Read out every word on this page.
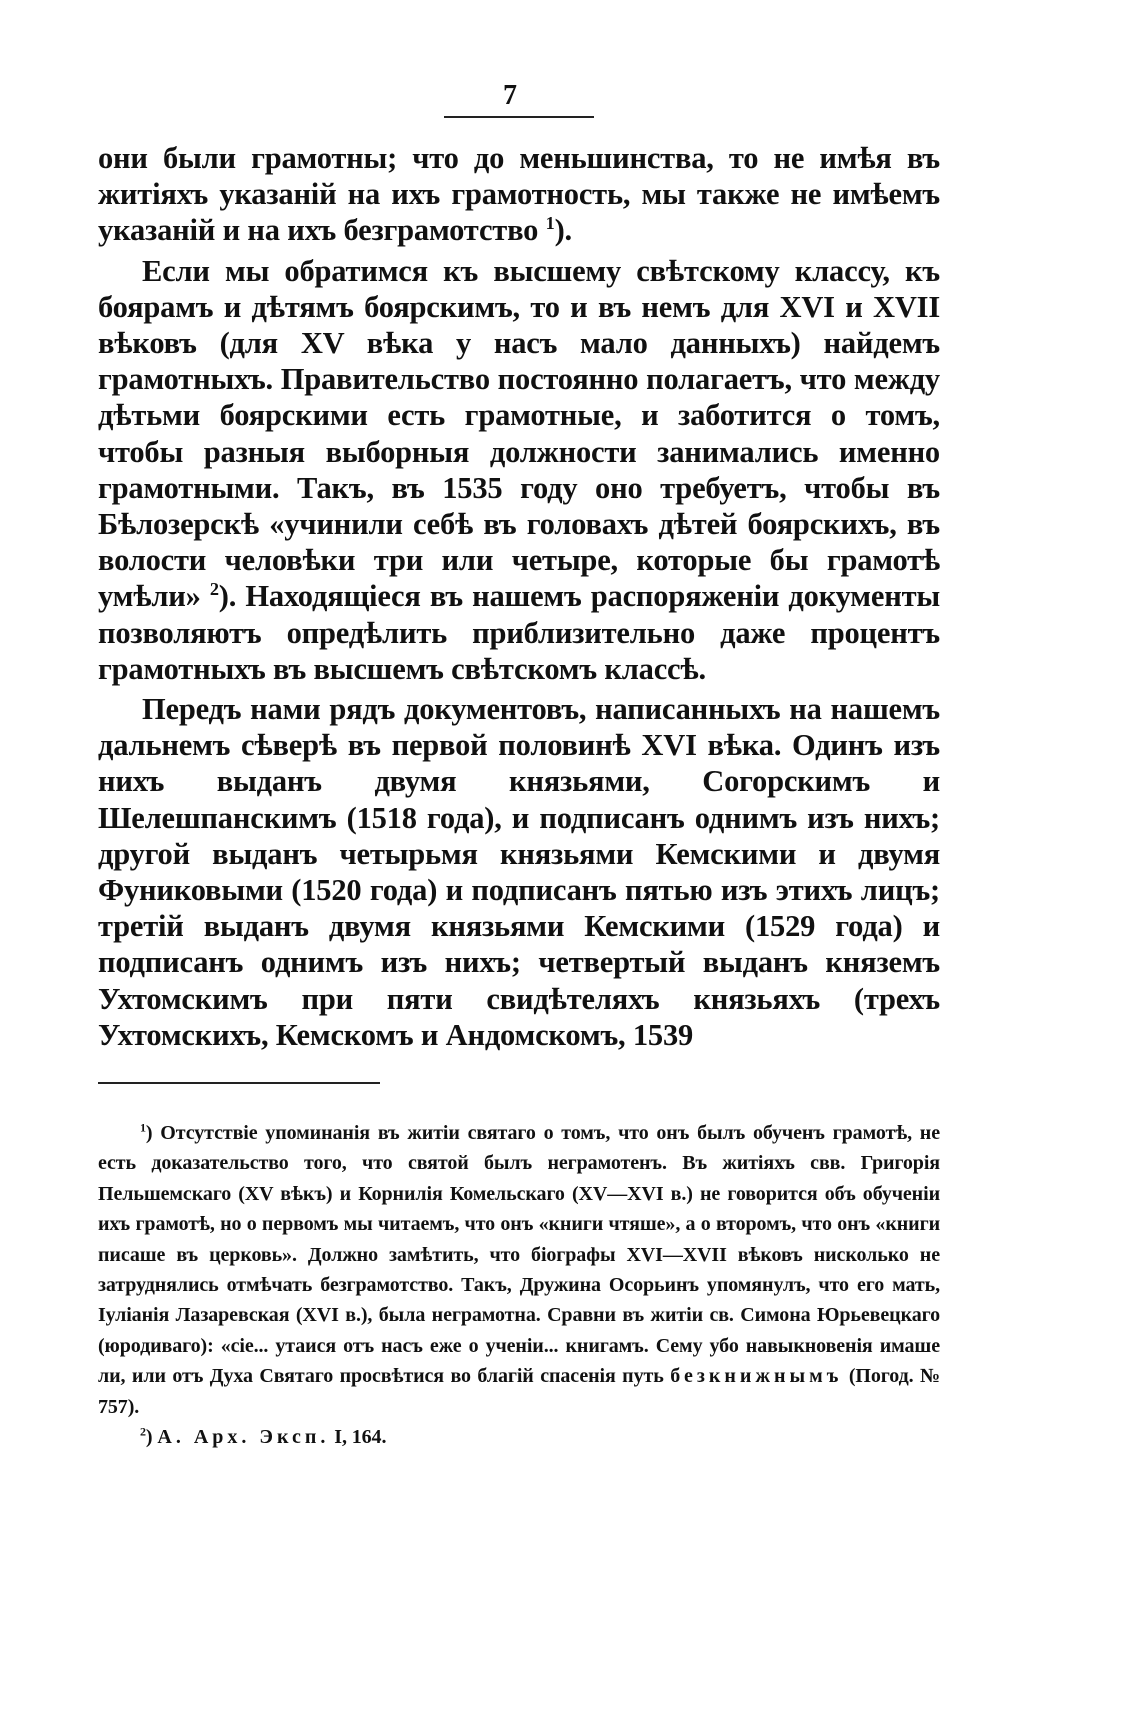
7

они были грамотны; что до меньшинства, то не имѣя въ житіяхъ указаній на ихъ грамотность, мы также не имѣемъ указаній и на ихъ безграмотство $^1$).

Если мы обратимся къ высшему свѣтскому классу, къ боярамъ и дѣтямъ боярскимъ, то и въ немъ для XVI и XVII вѣковъ (для XV вѣка у насъ мало данныхъ) найдемъ грамотныхъ. Правительство постоянно полагаетъ, что между дѣтьми боярскими есть грамотные, и заботится о томъ, чтобы разныя выборныя должности занимались именно грамотными. Такъ, въ 1535 году оно требуетъ, чтобы въ Бѣлозерскѣ «учинили себѣ въ головахъ дѣтей боярскихъ, въ волости человѣки три или четыре, которые бы грамотѣ умѣли» $^2$). Находящіеся въ нашемъ распоряженіи документы позволяютъ опредѣлить приблизительно даже процентъ грамотныхъ въ высшемъ свѣтскомъ классѣ.

Передъ нами рядъ документовъ, написанныхъ на нашемъ дальнемъ сѣверѣ въ первой половинѣ XVI вѣка. Одинъ изъ нихъ выданъ двумя князьями, Согорскимъ и Шелешпанскимъ (1518 года), и подписанъ однимъ изъ нихъ; другой выданъ четырьмя князьями Кемскими и двумя Фуниковыми (1520 года) и подписанъ пятью изъ этихъ лицъ; третій выданъ двумя князьями Кемскими (1529 года) и подписанъ однимъ изъ нихъ; четвертый выданъ княземъ Ухтомскимъ при пяти свидѣтеляхъ князьяхъ (трехъ Ухтомскихъ, Кемскомъ и Андомскомъ, 1539

$^1$) Отсутствіе упоминанія въ житіи святаго о томъ, что онъ былъ обученъ грамотѣ, не есть доказательство того, что святой былъ неграмотенъ. Въ житіяхъ свв. Григорія Пельшемскаго (XV вѣкъ) и Корнилія Комельскаго (XV—XVI в.) не говорится объ обученіи ихъ грамотѣ, но о первомъ мы читаемъ, что онъ «книги чтяше», а о второмъ, что онъ «книги писаше въ церковь». Должно замѣтить, что біографы XVI—XVII вѣковъ нисколько не затруднялись отмѣчать безграмотство. Такъ, Дружина Осорьинъ упомянулъ, что его мать, Іуліанія Лазаревская (XVI в.), была неграмотна. Сравни въ житіи св. Симона Юрьевецкаго (юродиваго): «сіе... утаися отъ насъ еже о ученіи... книгамъ. Сему убо навыкновенія имаше ли, или отъ Духа Святаго просвѣтися во благій спасенія путь безкнижнымъ (Погод. № 757).

$^2$) А. Арх. Эксп. I, 164.
